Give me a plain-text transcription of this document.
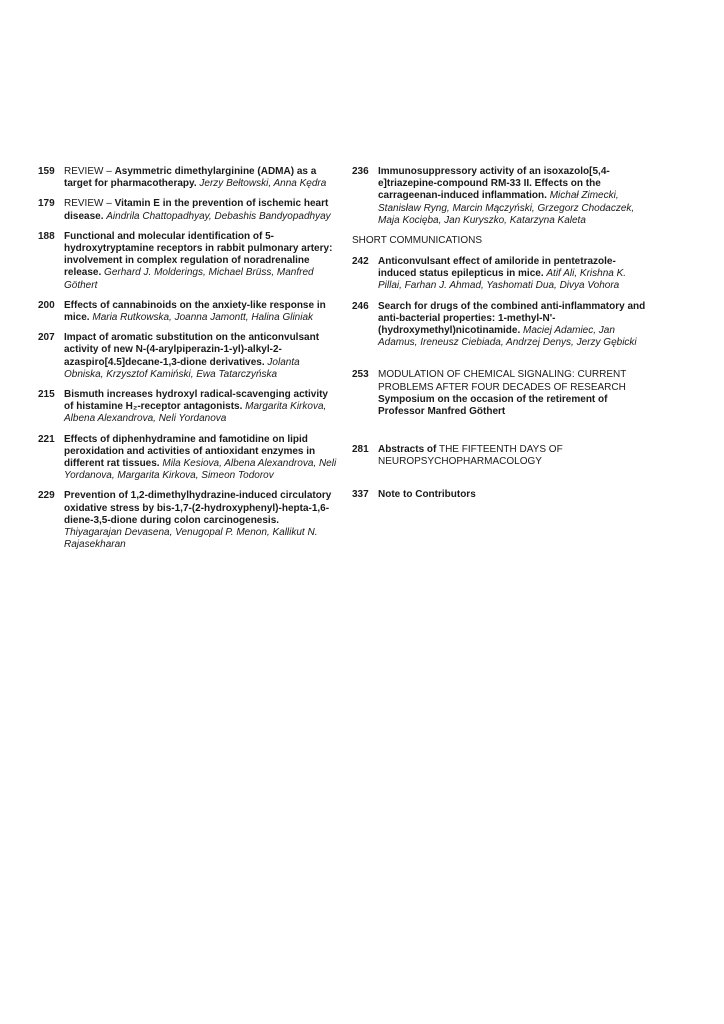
159 REVIEW – Asymmetric dimethylarginine (ADMA) as a target for pharmacotherapy. Jerzy Bełtowski, Anna Kędra
179 REVIEW – Vitamin E in the prevention of ischemic heart disease. Aindrila Chattopadhyay, Debashis Bandyopadhyay
188 Functional and molecular identification of 5-hydroxytryptamine receptors in rabbit pulmonary artery: involvement in complex regulation of noradrenaline release. Gerhard J. Molderings, Michael Brüss, Manfred Göthert
200 Effects of cannabinoids on the anxiety-like response in mice. Maria Rutkowska, Joanna Jamontt, Halina Gliniak
207 Impact of aromatic substitution on the anticonvulsant activity of new N-(4-arylpiperazin-1-yl)-alkyl-2-azaspiro[4.5]decane-1,3-dione derivatives. Jolanta Obniska, Krzysztof Kamiński, Ewa Tatarczyńska
215 Bismuth increases hydroxyl radical-scavenging activity of histamine H₂-receptor antagonists. Margarita Kirkova, Albena Alexandrova, Neli Yordanova
221 Effects of diphenhydramine and famotidine on lipid peroxidation and activities of antioxidant enzymes in different rat tissues. Mila Kesiova, Albena Alexandrova, Neli Yordanova, Margarita Kirkova, Simeon Todorov
229 Prevention of 1,2-dimethylhydrazine-induced circulatory oxidative stress by bis-1,7-(2-hydroxyphenyl)-hepta-1,6-diene-3,5-dione during colon carcinogenesis. Thiyagarajan Devasena, Venugopal P. Menon, Kallikut N. Rajasekharan
236 Immunosuppressory activity of an isoxazolo[5,4-e]triazepine-compound RM-33 II. Effects on the carrageenan-induced inflammation. Michał Zimecki, Stanisław Ryng, Marcin Mączyński, Grzegorz Chodaczek, Maja Kocięba, Jan Kuryszko, Katarzyna Kaleta
SHORT COMMUNICATIONS
242 Anticonvulsant effect of amiloride in pentetrazole-induced status epilepticus in mice. Atif Ali, Krishna K. Pillai, Farhan J. Ahmad, Yashomati Dua, Divya Vohora
246 Search for drugs of the combined anti-inflammatory and anti-bacterial properties: 1-methyl-N'-(hydroxymethyl)nicotinamide. Maciej Adamiec, Jan Adamus, Ireneusz Ciebiada, Andrzej Denys, Jerzy Gębicki
253 MODULATION OF CHEMICAL SIGNALING: CURRENT PROBLEMS AFTER FOUR DECADES OF RESEARCH
Symposium on the occasion of the retirement of Professor Manfred Göthert
281 Abstracts of THE FIFTEENTH DAYS OF NEUROPSYCHOPHARMACOLOGY
337 Note to Contributors
